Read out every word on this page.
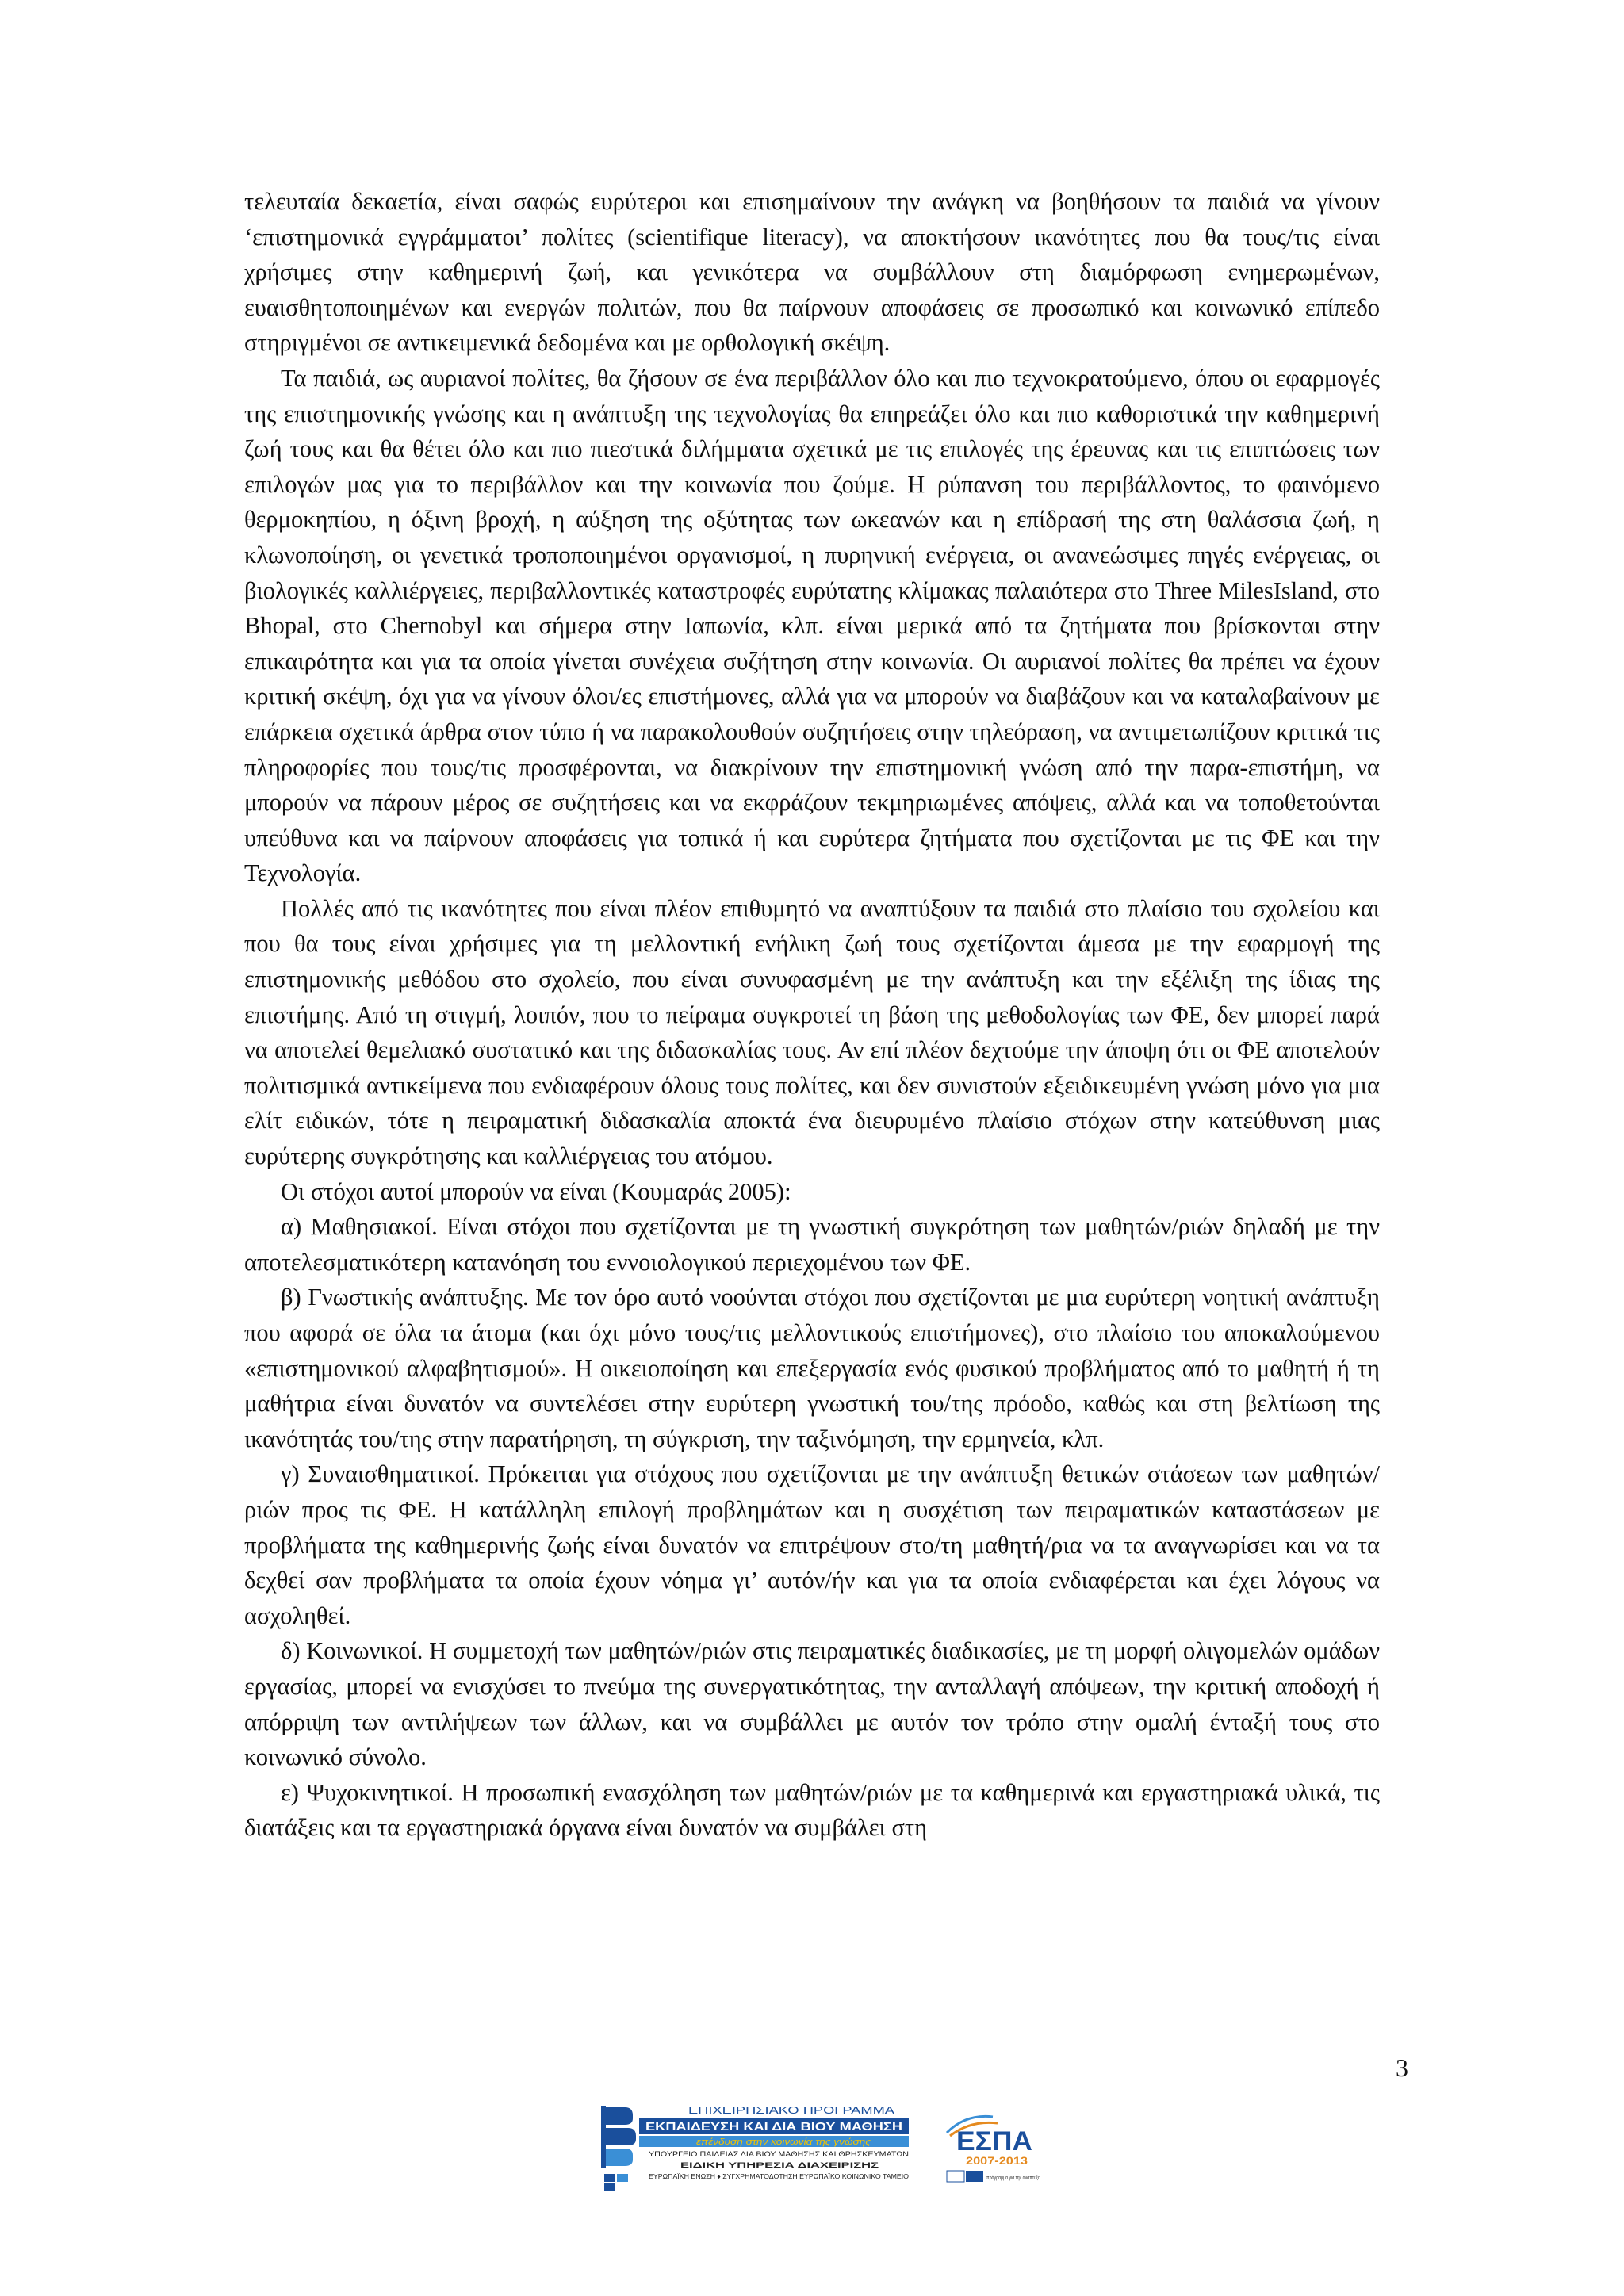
τελευταία δεκαετία, είναι σαφώς ευρύτεροι και επισημαίνουν την ανάγκη να βοηθήσουν τα παιδιά να γίνουν ‘επιστημονικά εγγράμματοι’ πολίτες (scientifique literacy), να αποκτήσουν ικανότητες που θα τους/τις είναι χρήσιμες στην καθημερινή ζωή, και γενικότερα να συμβάλλουν στη διαμόρφωση ενημερωμένων, ευαισθητοποιημένων και ενεργών πολιτών, που θα παίρνουν αποφάσεις σε προσωπικό και κοινωνικό επίπεδο στηριγμένοι σε αντικειμενικά δεδομένα και με ορθολογική σκέψη.

Τα παιδιά, ως αυριανοί πολίτες, θα ζήσουν σε ένα περιβάλλον όλο και πιο τεχνοκρατούμενο, όπου οι εφαρμογές της επιστημονικής γνώσης και η ανάπτυξη της τεχνολογίας θα επηρεάζει όλο και πιο καθοριστικά την καθημερινή ζωή τους και θα θέτει όλο και πιο πιεστικά διλήμματα σχετικά με τις επιλογές της έρευνας και τις επιπτώσεις των επιλογών μας για το περιβάλλον και την κοινωνία που ζούμε. Η ρύπανση του περιβάλλοντος, το φαινόμενο θερμοκηπίου, η όξινη βροχή, η αύξηση της οξύτητας των ωκεανών και η επίδρασή της στη θαλάσσια ζωή, η κλωνοποίηση, οι γενετικά τροποποιημένοι οργανισμοί, η πυρηνική ενέργεια, οι ανανεώσιμες πηγές ενέργειας, οι βιολογικές καλλιέργειες, περιβαλλοντικές καταστροφές ευρύτατης κλίμακας παλαιότερα στο Three MilesIsland, στο Bhopal, στο Chernobyl και σήμερα στην Ιαπωνία, κλπ. είναι μερικά από τα ζητήματα που βρίσκονται στην επικαιρότητα και για τα οποία γίνεται συνέχεια συζήτηση στην κοινωνία. Οι αυριανοί πολίτες θα πρέπει να έχουν κριτική σκέψη, όχι για να γίνουν όλοι/ες επιστήμονες, αλλά για να μπορούν να διαβάζουν και να καταλαβαίνουν με επάρκεια σχετικά άρθρα στον τύπο ή να παρακολουθούν συζητήσεις στην τηλεόραση, να αντιμετωπίζουν κριτικά τις πληροφορίες που τους/τις προσφέρονται, να διακρίνουν την επιστημονική γνώση από την παρα-επιστήμη, να μπορούν να πάρουν μέρος σε συζητήσεις και να εκφράζουν τεκμηριωμένες απόψεις, αλλά και να τοποθετούνται υπεύθυνα και να παίρνουν αποφάσεις για τοπικά ή και ευρύτερα ζητήματα που σχετίζονται με τις ΦΕ και την Τεχνολογία.

Πολλές από τις ικανότητες που είναι πλέον επιθυμητό να αναπτύξουν τα παιδιά στο πλαίσιο του σχολείου και που θα τους είναι χρήσιμες για τη μελλοντική ενήλικη ζωή τους σχετίζονται άμεσα με την εφαρμογή της επιστημονικής μεθόδου στο σχολείο, που είναι συνυφασμένη με την ανάπτυξη και την εξέλιξη της ίδιας της επιστήμης. Από τη στιγμή, λοιπόν, που το πείραμα συγκροτεί τη βάση της μεθοδολογίας των ΦΕ, δεν μπορεί παρά να αποτελεί θεμελιακό συστατικό και της διδασκαλίας τους. Αν επί πλέον δεχτούμε την άποψη ότι οι ΦΕ αποτελούν πολιτισμικά αντικείμενα που ενδιαφέρουν όλους τους πολίτες, και δεν συνιστούν εξειδικευμένη γνώση μόνο για μια ελίτ ειδικών, τότε η πειραματική διδασκαλία αποκτά ένα διευρυμένο πλαίσιο στόχων στην κατεύθυνση μιας ευρύτερης συγκρότησης και καλλιέργειας του ατόμου.

Οι στόχοι αυτοί μπορούν να είναι (Κουμαράς 2005):

α) Μαθησιακοί. Είναι στόχοι που σχετίζονται με τη γνωστική συγκρότηση των μαθητών/ριών δηλαδή με την αποτελεσματικότερη κατανόηση του εννοιολογικού περιεχομένου των ΦΕ.

β) Γνωστικής ανάπτυξης. Με τον όρο αυτό νοούνται στόχοι που σχετίζονται με μια ευρύτερη νοητική ανάπτυξη που αφορά σε όλα τα άτομα (και όχι μόνο τους/τις μελλοντικούς επιστήμονες), στο πλαίσιο του αποκαλούμενου «επιστημονικού αλφαβητισμού». Η οικειοποίηση και επεξεργασία ενός φυσικού προβλήματος από το μαθητή ή τη μαθήτρια είναι δυνατόν να συντελέσει στην ευρύτερη γνωστική του/της πρόοδο, καθώς και στη βελτίωση της ικανότητάς του/της στην παρατήρηση, τη σύγκριση, την ταξινόμηση, την ερμηνεία, κλπ.

γ) Συναισθηματικοί. Πρόκειται για στόχους που σχετίζονται με την ανάπτυξη θετικών στάσεων των μαθητών/ριών προς τις ΦΕ. Η κατάλληλη επιλογή προβλημάτων και η συσχέτιση των πειραματικών καταστάσεων με προβλήματα της καθημερινής ζωής είναι δυνατόν να επιτρέψουν στο/τη μαθητή/ρια να τα αναγνωρίσει και να τα δεχθεί σαν προβλήματα τα οποία έχουν νόημα γι’ αυτόν/ήν και για τα οποία ενδιαφέρεται και έχει λόγους να ασχοληθεί.

δ) Κοινωνικοί. Η συμμετοχή των μαθητών/ριών στις πειραματικές διαδικασίες, με τη μορφή ολιγομελών ομάδων εργασίας, μπορεί να ενισχύσει το πνεύμα της συνεργατικότητας, την ανταλλαγή απόψεων, την κριτική αποδοχή ή απόρριψη των αντιλήψεων των άλλων, και να συμβάλλει με αυτόν τον τρόπο στην ομαλή ένταξή τους στο κοινωνικό σύνολο.

ε) Ψυχοκινητικοί. Η προσωπική ενασχόληση των μαθητών/ριών με τα καθημερινά και εργαστηριακά υλικά, τις διατάξεις και τα εργαστηριακά όργανα είναι δυνατόν να συμβάλει στη

3
ΕΠΙΧΕΙΡΗΣΙΑΚΟ ΠΡΟΓΡΑΜΜΑ
ΕΚΠΑΙΔΕΥΣΗ ΚΑΙ ΔΙΑ ΒΙΟΥ ΜΑΘΗΣΗ
επένδυση στην κοινωνία της γνώσης
ΥΠΟΥΡΓΕΙΟ ΠΑΙΔΕΙΑΣ ΔΙΑ ΒΙΟΥ ΜΑΘΗΣΗΣ ΚΑΙ ΘΡΗΣΚΕΥΜΑΤΩΝ
ΕΙΔΙΚΗ ΥΠΗΡΕΣΙΑ ΔΙΑΧΕΙΡΙΣΗΣ
ΕΥΡΩΠΑΪΚΗ ΕΝΩΣΗ ♦ ΣΥΓΧΡΗΜΑΤΟΔΟΤΗΣΗ ΕΥΡΩΠΑΪΚΟ ΚΟΙΝΩΝΙΚΟ ΤΑΜΕΙΟ
ΕΣΠΑ
2007-2013
πρόγραμμα για την ανάπτυξη
